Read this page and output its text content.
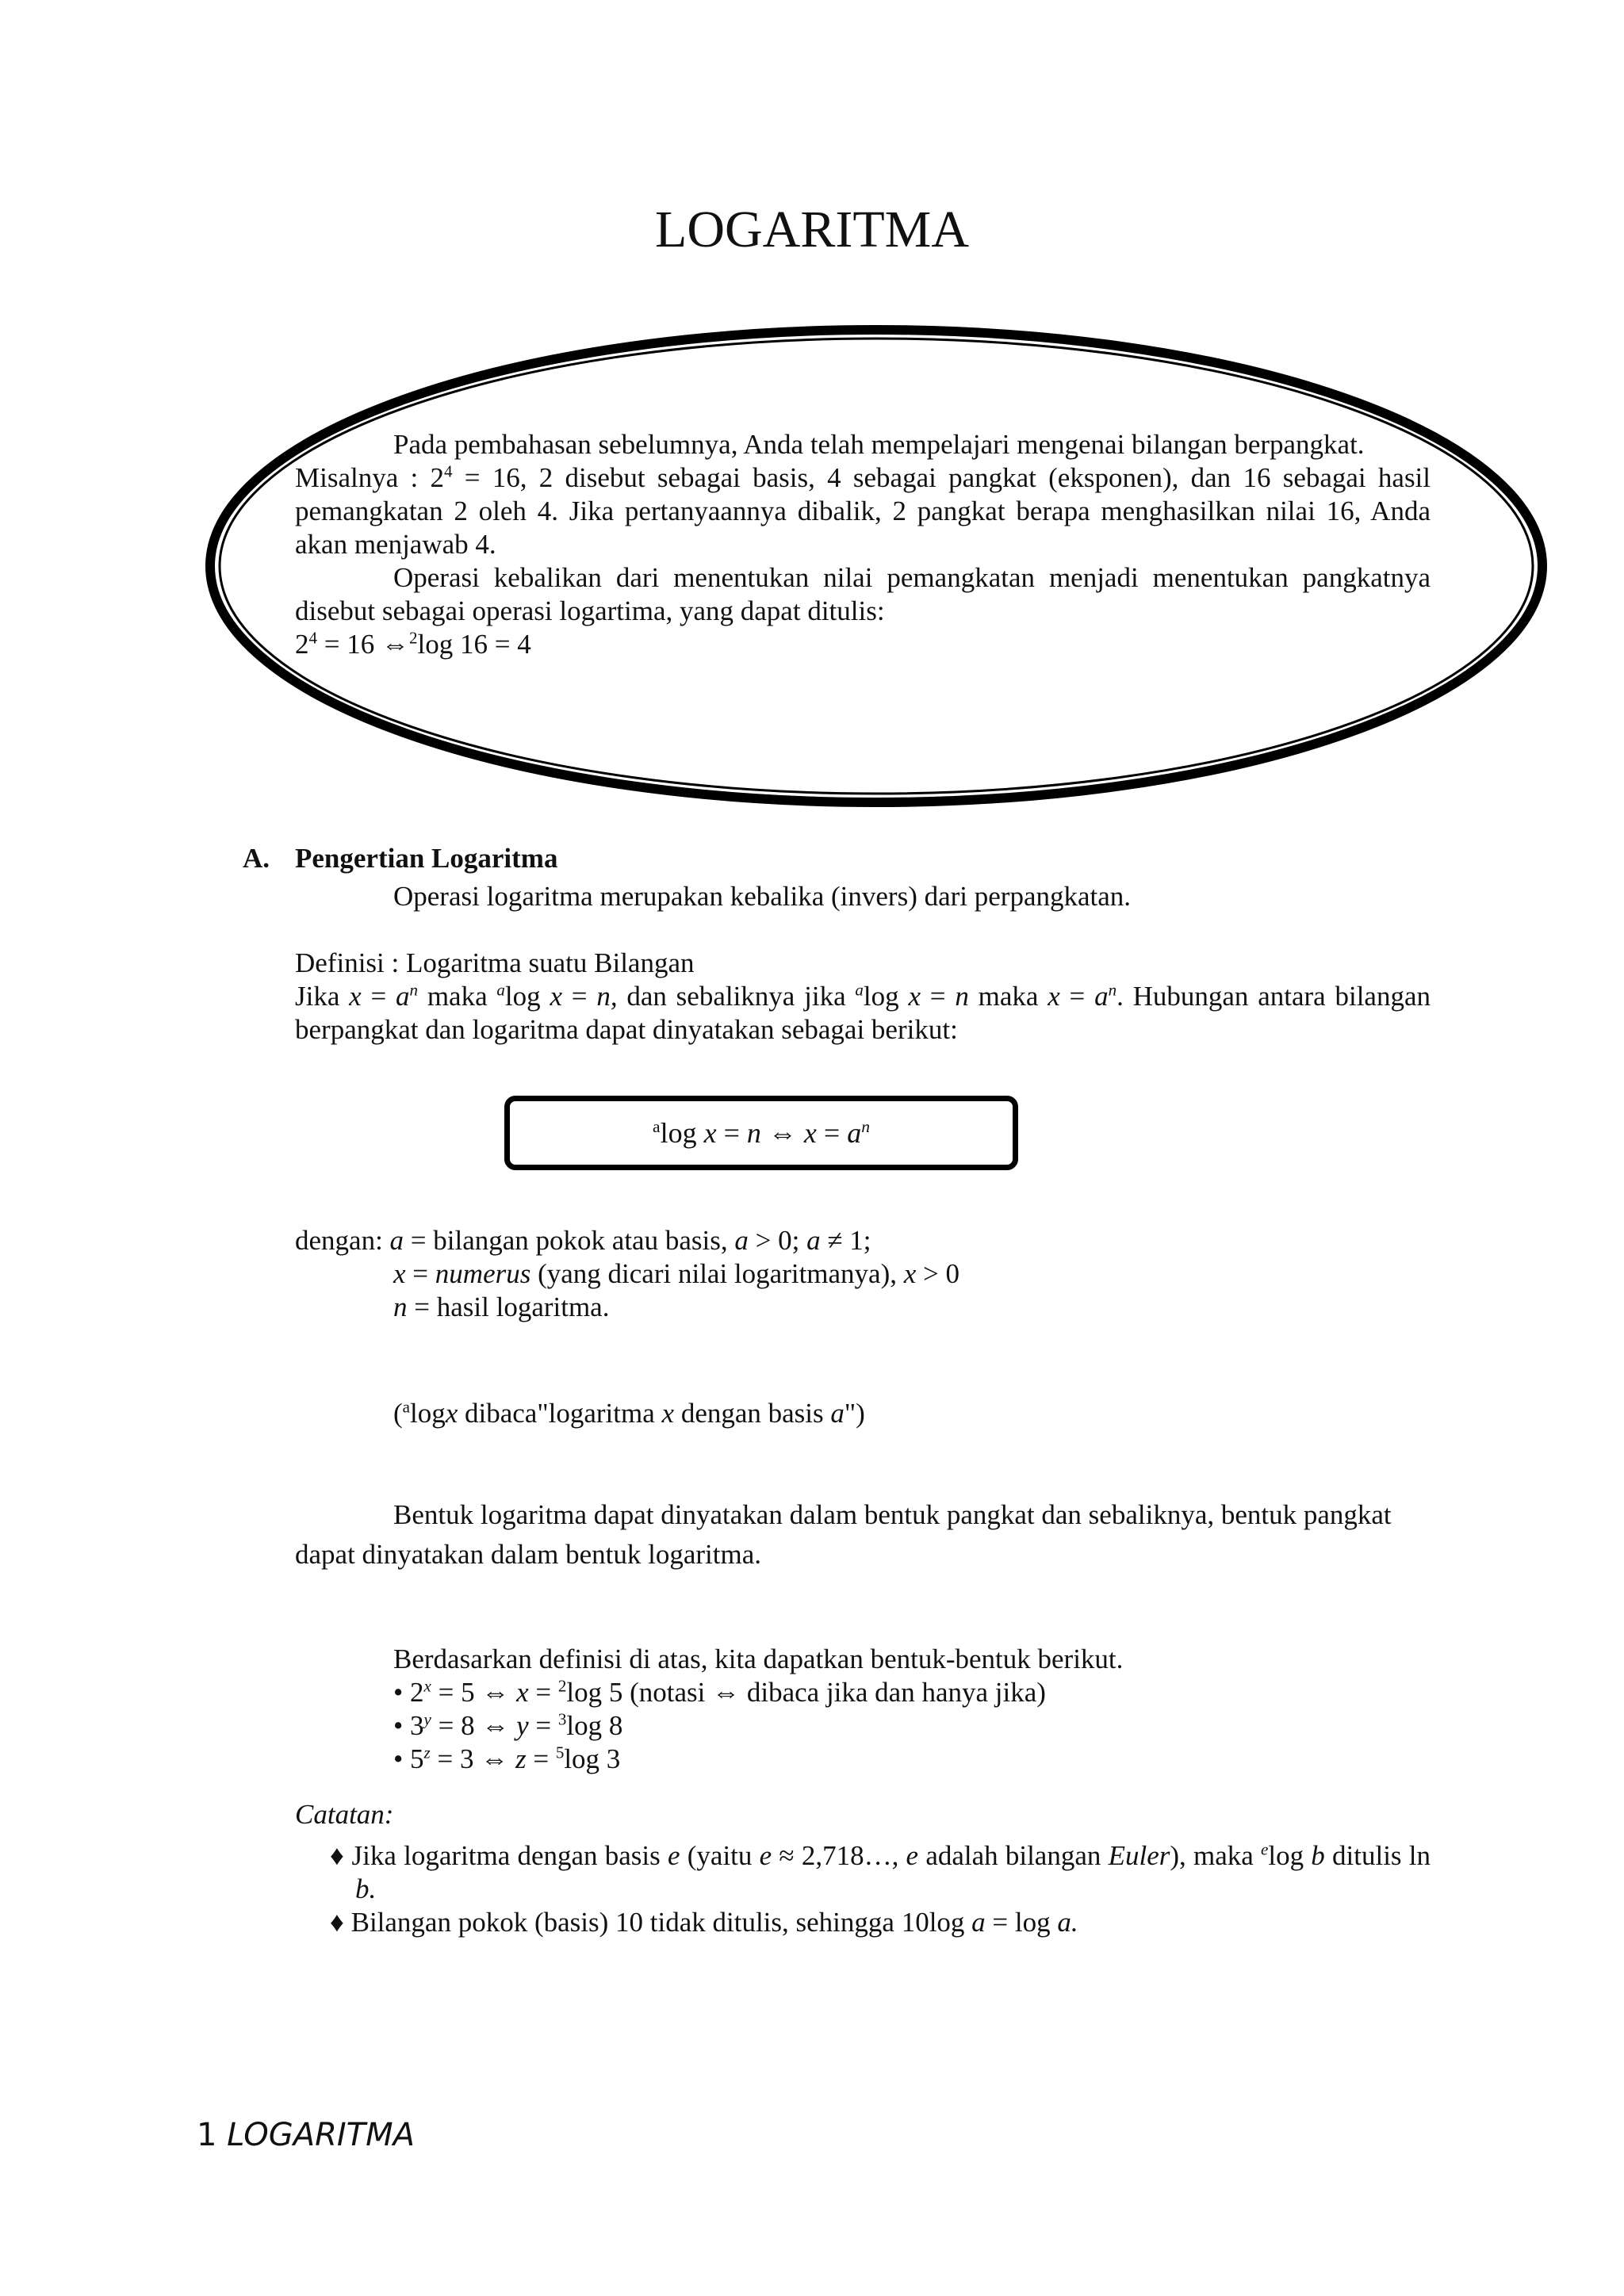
LOGARITMA

Pada pembahasan sebelumnya, Anda telah mempelajari mengenai bilangan berpangkat.

Misalnya : $2^4 = 16$, 2 disebut sebagai basis, 4 sebagai pangkat (eksponen), dan 16 sebagai hasil pemangkatan 2 oleh 4. Jika pertanyaannya dibalik, 2 pangkat berapa menghasilkan nilai 16, Anda akan menjawab 4.

Operasi kebalikan dari menentukan nilai pemangkatan menjadi menentukan pangkatnya disebut sebagai operasi logartima, yang dapat ditulis:

$2^4 = 16$ ⇔$^2$log 16 = 4

A. Pengertian Logaritma

Operasi logaritma merupakan kebalika (invers) dari perpangkatan.

Definisi : Logaritma suatu Bilangan

Jika $x = a^n$ maka $^a$log x = n, dan sebaliknya jika $^a$log x = n maka $x = a^n$. Hubungan antara bilangan berpangkat dan logaritma dapat dinyatakan sebagai berikut:

$^a$log x = n ⇔ $x = a^n$

dengan: a = bilangan pokok atau basis, a > 0; a ≠ 1;

x = numerus (yang dicari nilai logaritmanya), x > 0

n = hasil logaritma.

($^a$logx dibaca"logaritma x dengan basis a")

Bentuk logaritma dapat dinyatakan dalam bentuk pangkat dan sebaliknya, bentuk pangkat dapat dinyatakan dalam bentuk logaritma.

Berdasarkan definisi di atas, kita dapatkan bentuk-bentuk berikut.

• $2^x = 5$ ⇔ x = $^2$log 5 (notasi ⇔ dibaca jika dan hanya jika)

• $3^y = 8$ ⇔ y = $^3$log 8

• $5^z = 3$ ⇔ z = $^5$log 3

Catatan:

♦ Jika logaritma dengan basis e (yaitu e ≈ 2,718…, e adalah bilangan Euler), maka $^e$log b ditulis ln b.

♦ Bilangan pokok (basis) 10 tidak ditulis, sehingga 10log a = log a.

1 LOGARITMA
